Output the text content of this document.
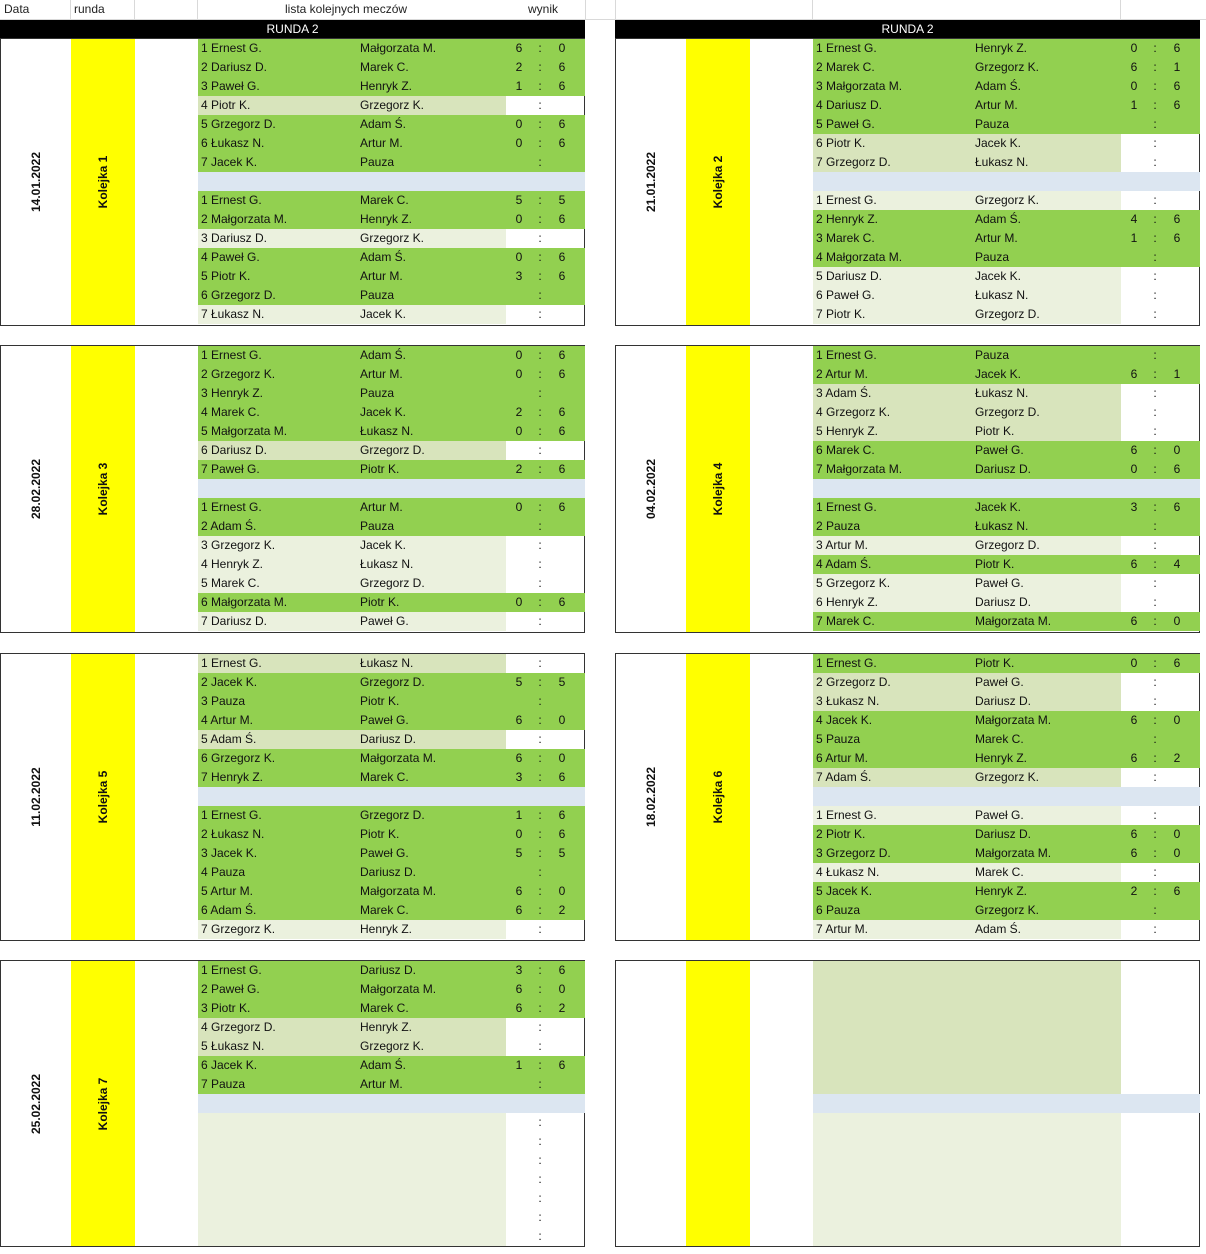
Data	runda	lista kolejnych meczów	wynik
RUNDA 2	RUNDA 2
14.01.2022	Kolejka 1
1 Ernest G.	Małgorzata M.	6	:	0
2 Dariusz D.	Marek C.	2	:	6
3 Paweł G.	Henryk Z.	1	:	6
4 Piotr K.	Grzegorz K.	:
5 Grzegorz D.	Adam Ś.	0	:	6
6 Łukasz N.	Artur M.	0	:	6
7 Jacek K.	Pauza	:
1 Ernest G.	Marek C.	5	:	5
2 Małgorzata M.	Henryk Z.	0	:	6
3 Dariusz D.	Grzegorz K.	:
4 Paweł G.	Adam Ś.	0	:	6
5 Piotr K.	Artur M.	3	:	6
6 Grzegorz D.	Pauza	:
7 Łukasz N.	Jacek K.	:
21.01.2022	Kolejka 2
1 Ernest G.	Henryk Z.	0	:	6
2 Marek C.	Grzegorz K.	6	:	1
3 Małgorzata M.	Adam Ś.	0	:	6
4 Dariusz D.	Artur M.	1	:	6
5 Paweł G.	Pauza	:
6 Piotr K.	Jacek K.	:
7 Grzegorz D.	Łukasz N.	:
1 Ernest G.	Grzegorz K.	:
2 Henryk Z.	Adam Ś.	4	:	6
3 Marek C.	Artur M.	1	:	6
4 Małgorzata M.	Pauza	:
5 Dariusz D.	Jacek K.	:
6 Paweł G.	Łukasz N.	:
7 Piotr K.	Grzegorz D.	:
28.02.2022	Kolejka 3
1 Ernest G.	Adam Ś.	0	:	6
2 Grzegorz K.	Artur M.	0	:	6
3 Henryk Z.	Pauza	:
4 Marek C.	Jacek K.	2	:	6
5 Małgorzata M.	Łukasz N.	0	:	6
6 Dariusz D.	Grzegorz D.	:
7 Paweł G.	Piotr K.	2	:	6
1 Ernest G.	Artur M.	0	:	6
2 Adam Ś.	Pauza	:
3 Grzegorz K.	Jacek K.	:
4 Henryk Z.	Łukasz N.	:
5 Marek C.	Grzegorz D.	:
6 Małgorzata M.	Piotr K.	0	:	6
7 Dariusz D.	Paweł G.	:
04.02.2022	Kolejka 4
1 Ernest G.	Pauza	:
2 Artur M.	Jacek K.	6	:	1
3 Adam Ś.	Łukasz N.	:
4 Grzegorz K.	Grzegorz D.	:
5 Henryk Z.	Piotr K.	:
6 Marek C.	Paweł G.	6	:	0
7 Małgorzata M.	Dariusz D.	0	:	6
1 Ernest G.	Jacek K.	3	:	6
2 Pauza	Łukasz N.	:
3 Artur M.	Grzegorz D.	:
4 Adam Ś.	Piotr K.	6	:	4
5 Grzegorz K.	Paweł G.	:
6 Henryk Z.	Dariusz D.	:
7 Marek C.	Małgorzata M.	6	:	0
11.02.2022	Kolejka 5
1 Ernest G.	Łukasz N.	:
2 Jacek K.	Grzegorz D.	5	:	5
3 Pauza	Piotr K.	:
4 Artur M.	Paweł G.	6	:	0
5 Adam Ś.	Dariusz D.	:
6 Grzegorz K.	Małgorzata M.	6	:	0
7 Henryk Z.	Marek C.	3	:	6
1 Ernest G.	Grzegorz D.	1	:	6
2 Łukasz N.	Piotr K.	0	:	6
3 Jacek K.	Paweł G.	5	:	5
4 Pauza	Dariusz D.	:
5 Artur M.	Małgorzata M.	6	:	0
6 Adam Ś.	Marek C.	6	:	2
7 Grzegorz K.	Henryk Z.	:
18.02.2022	Kolejka 6
1 Ernest G.	Piotr K.	0	:	6
2 Grzegorz D.	Paweł G.	:
3 Łukasz N.	Dariusz D.	:
4 Jacek K.	Małgorzata M.	6	:	0
5 Pauza	Marek C.	:
6 Artur M.	Henryk Z.	6	:	2
7 Adam Ś.	Grzegorz K.	:
1 Ernest G.	Paweł G.	:
2 Piotr K.	Dariusz D.	6	:	0
3 Grzegorz D.	Małgorzata M.	6	:	0
4 Łukasz N.	Marek C.	:
5 Jacek K.	Henryk Z.	2	:	6
6 Pauza	Grzegorz K.	:
7 Artur M.	Adam Ś.	:
25.02.2022	Kolejka 7
1 Ernest G.	Dariusz D.	3	:	6
2 Paweł G.	Małgorzata M.	6	:	0
3 Piotr K.	Marek C.	6	:	2
4 Grzegorz D.	Henryk Z.	:
5 Łukasz N.	Grzegorz K.	:
6 Jacek K.	Adam Ś.	1	:	6
7 Pauza	Artur M.	:
:
:
:
:
:
:
:
